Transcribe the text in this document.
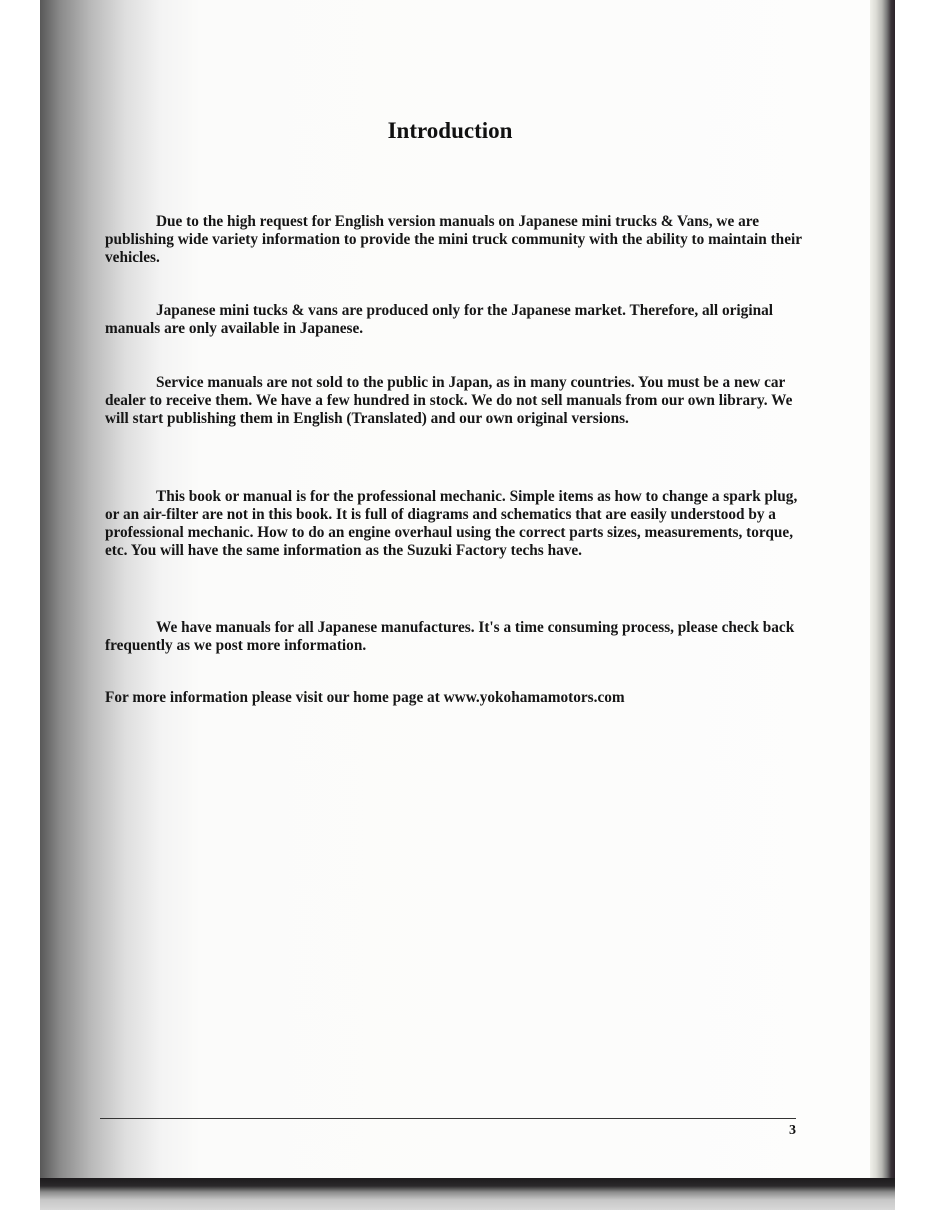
Introduction

Due to the high request for English version manuals on Japanese mini trucks & Vans, we are publishing wide variety information to provide the mini truck community with the ability to maintain their vehicles.

Japanese mini tucks & vans are produced only for the Japanese market. Therefore, all original manuals are only available in Japanese.

Service manuals are not sold to the public in Japan, as in many countries. You must be a new car dealer to receive them. We have a few hundred in stock. We do not sell manuals from our own library. We will start publishing them in English (Translated) and our own original versions.

This book or manual is for the professional mechanic. Simple items as how to change a spark plug, or an air-filter are not in this book. It is full of diagrams and schematics that are easily understood by a professional mechanic. How to do an engine overhaul using the correct parts sizes, measurements, torque, etc. You will have the same information as the Suzuki Factory techs have.

We have manuals for all Japanese manufactures. It's a time consuming process, please check back frequently as we post more information.

For more information please visit our home page at www.yokohamamotors.com

3
